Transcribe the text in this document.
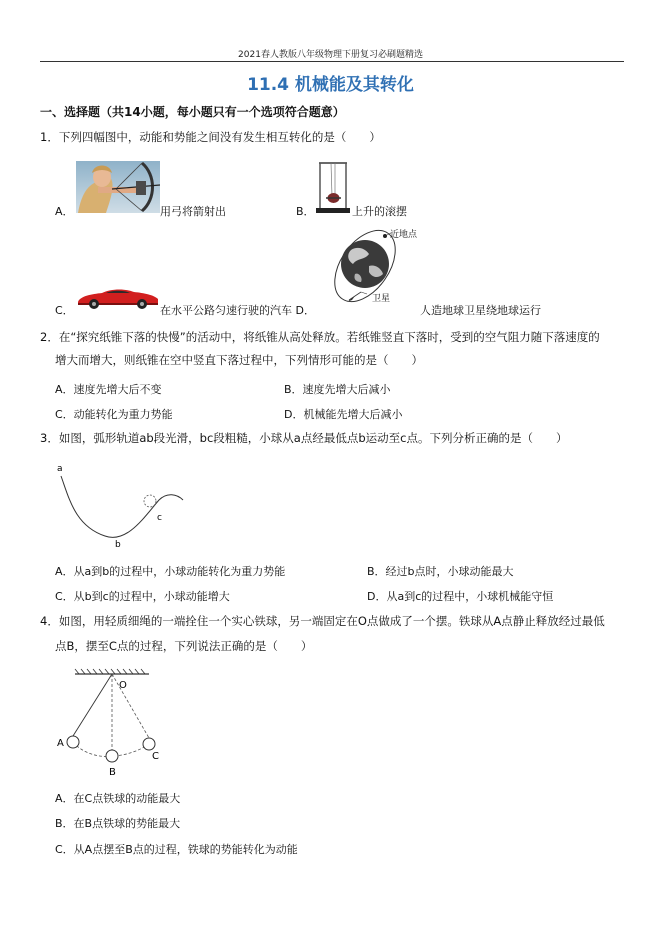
2021春人教版八年级物理下册复习必刷题精选
11.4 机械能及其转化
一、选择题（共14小题，每小题只有一个选项符合题意）
1．下列四幅图中，动能和势能之间没有发生相互转化的是（　　）
A．	用弓将箭射出	B．	上升的滚摆
C．	在水平公路匀速行驶的汽车 D．
近地点
卫星
人造地球卫星绕地球运行
2．在“探究纸锥下落的快慢”的活动中，将纸锥从高处释放。若纸锥竖直下落时，受到的空气阻力随下落速度的
增大而增大，则纸锥在空中竖直下落过程中，下列情形可能的是（　　）
A．速度先增大后不变	B．速度先增大后减小
C．动能转化为重力势能	D．机械能先增大后减小
3．如图，弧形轨道ab段光滑，bc段粗糙，小球从a点经最低点b运动至c点。下列分析正确的是（　　）
a
b
c
A．从a到b的过程中，小球动能转化为重力势能	B．经过b点时，小球动能最大
C．从b到c的过程中，小球动能增大	D．从a到c的过程中，小球机械能守恒
4．如图，用轻质细绳的一端拴住一个实心铁球，另一端固定在O点做成了一个摆。铁球从A点静止释放经过最低
点B，摆至C点的过程，下列说法正确的是（　　）
O
A
B
C
A．在C点铁球的动能最大
B．在B点铁球的势能最大
C．从A点摆至B点的过程，铁球的势能转化为动能
